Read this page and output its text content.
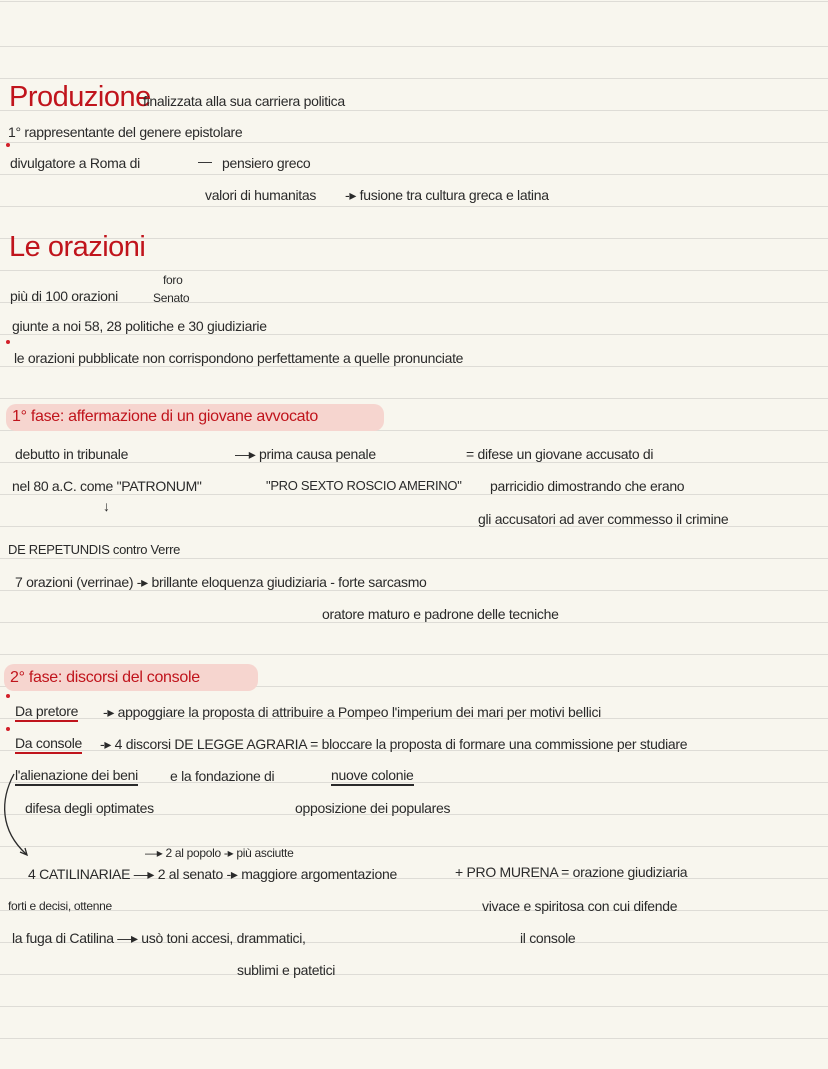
Produzione
finalizzata alla sua carriera politica
1° rappresentante del genere epistolare
divulgatore a Roma di	— pensiero greco
valori di humanitas -▸ fusione tra cultura greca e latina
Le orazioni
più di 100 orazioni
foro
Senato
giunte a noi 58, 28 politiche e 30 giudiziarie
le orazioni pubblicate non corrispondono perfettamente a quelle pronunciate
1° fase: affermazione di un giovane avvocato
debutto in tribunale	—▸ prima causa penale	= difese un giovane accusato di
nel 80 a.C. come "PATRONUM"	"PRO SEXTO ROSCIO AMERINO" parricidio dimostrando che erano
↓
gli accusatori ad aver commesso il crimine
DE REPETUNDIS contro Verre
7 orazioni (verrinae) -▸ brillante eloquenza giudiziaria - forte sarcasmo
oratore maturo e padrone delle tecniche
2° fase: discorsi del console
Da pretore -▸ appoggiare la proposta di attribuire a Pompeo l'imperium dei mari per motivi bellici
Da console -▸ 4 discorsi DE LEGGE AGRARIA = bloccare la proposta di formare una commissione per studiare
l'alienazione dei beni e la fondazione di	nuove colonie
difesa degli optimates	opposizione dei populares
—▸ 2 al popolo -▸ più asciutte
4 CATILINARIAE —▸ 2 al senato -▸ maggiore argomentazione	+ PRO MURENA = orazione giudiziaria
forti e decisi, ottenne	vivace e spiritosa con cui difende
la fuga di Catilina —▸ usò toni accesi, drammatici,	il console
sublimi e patetici
